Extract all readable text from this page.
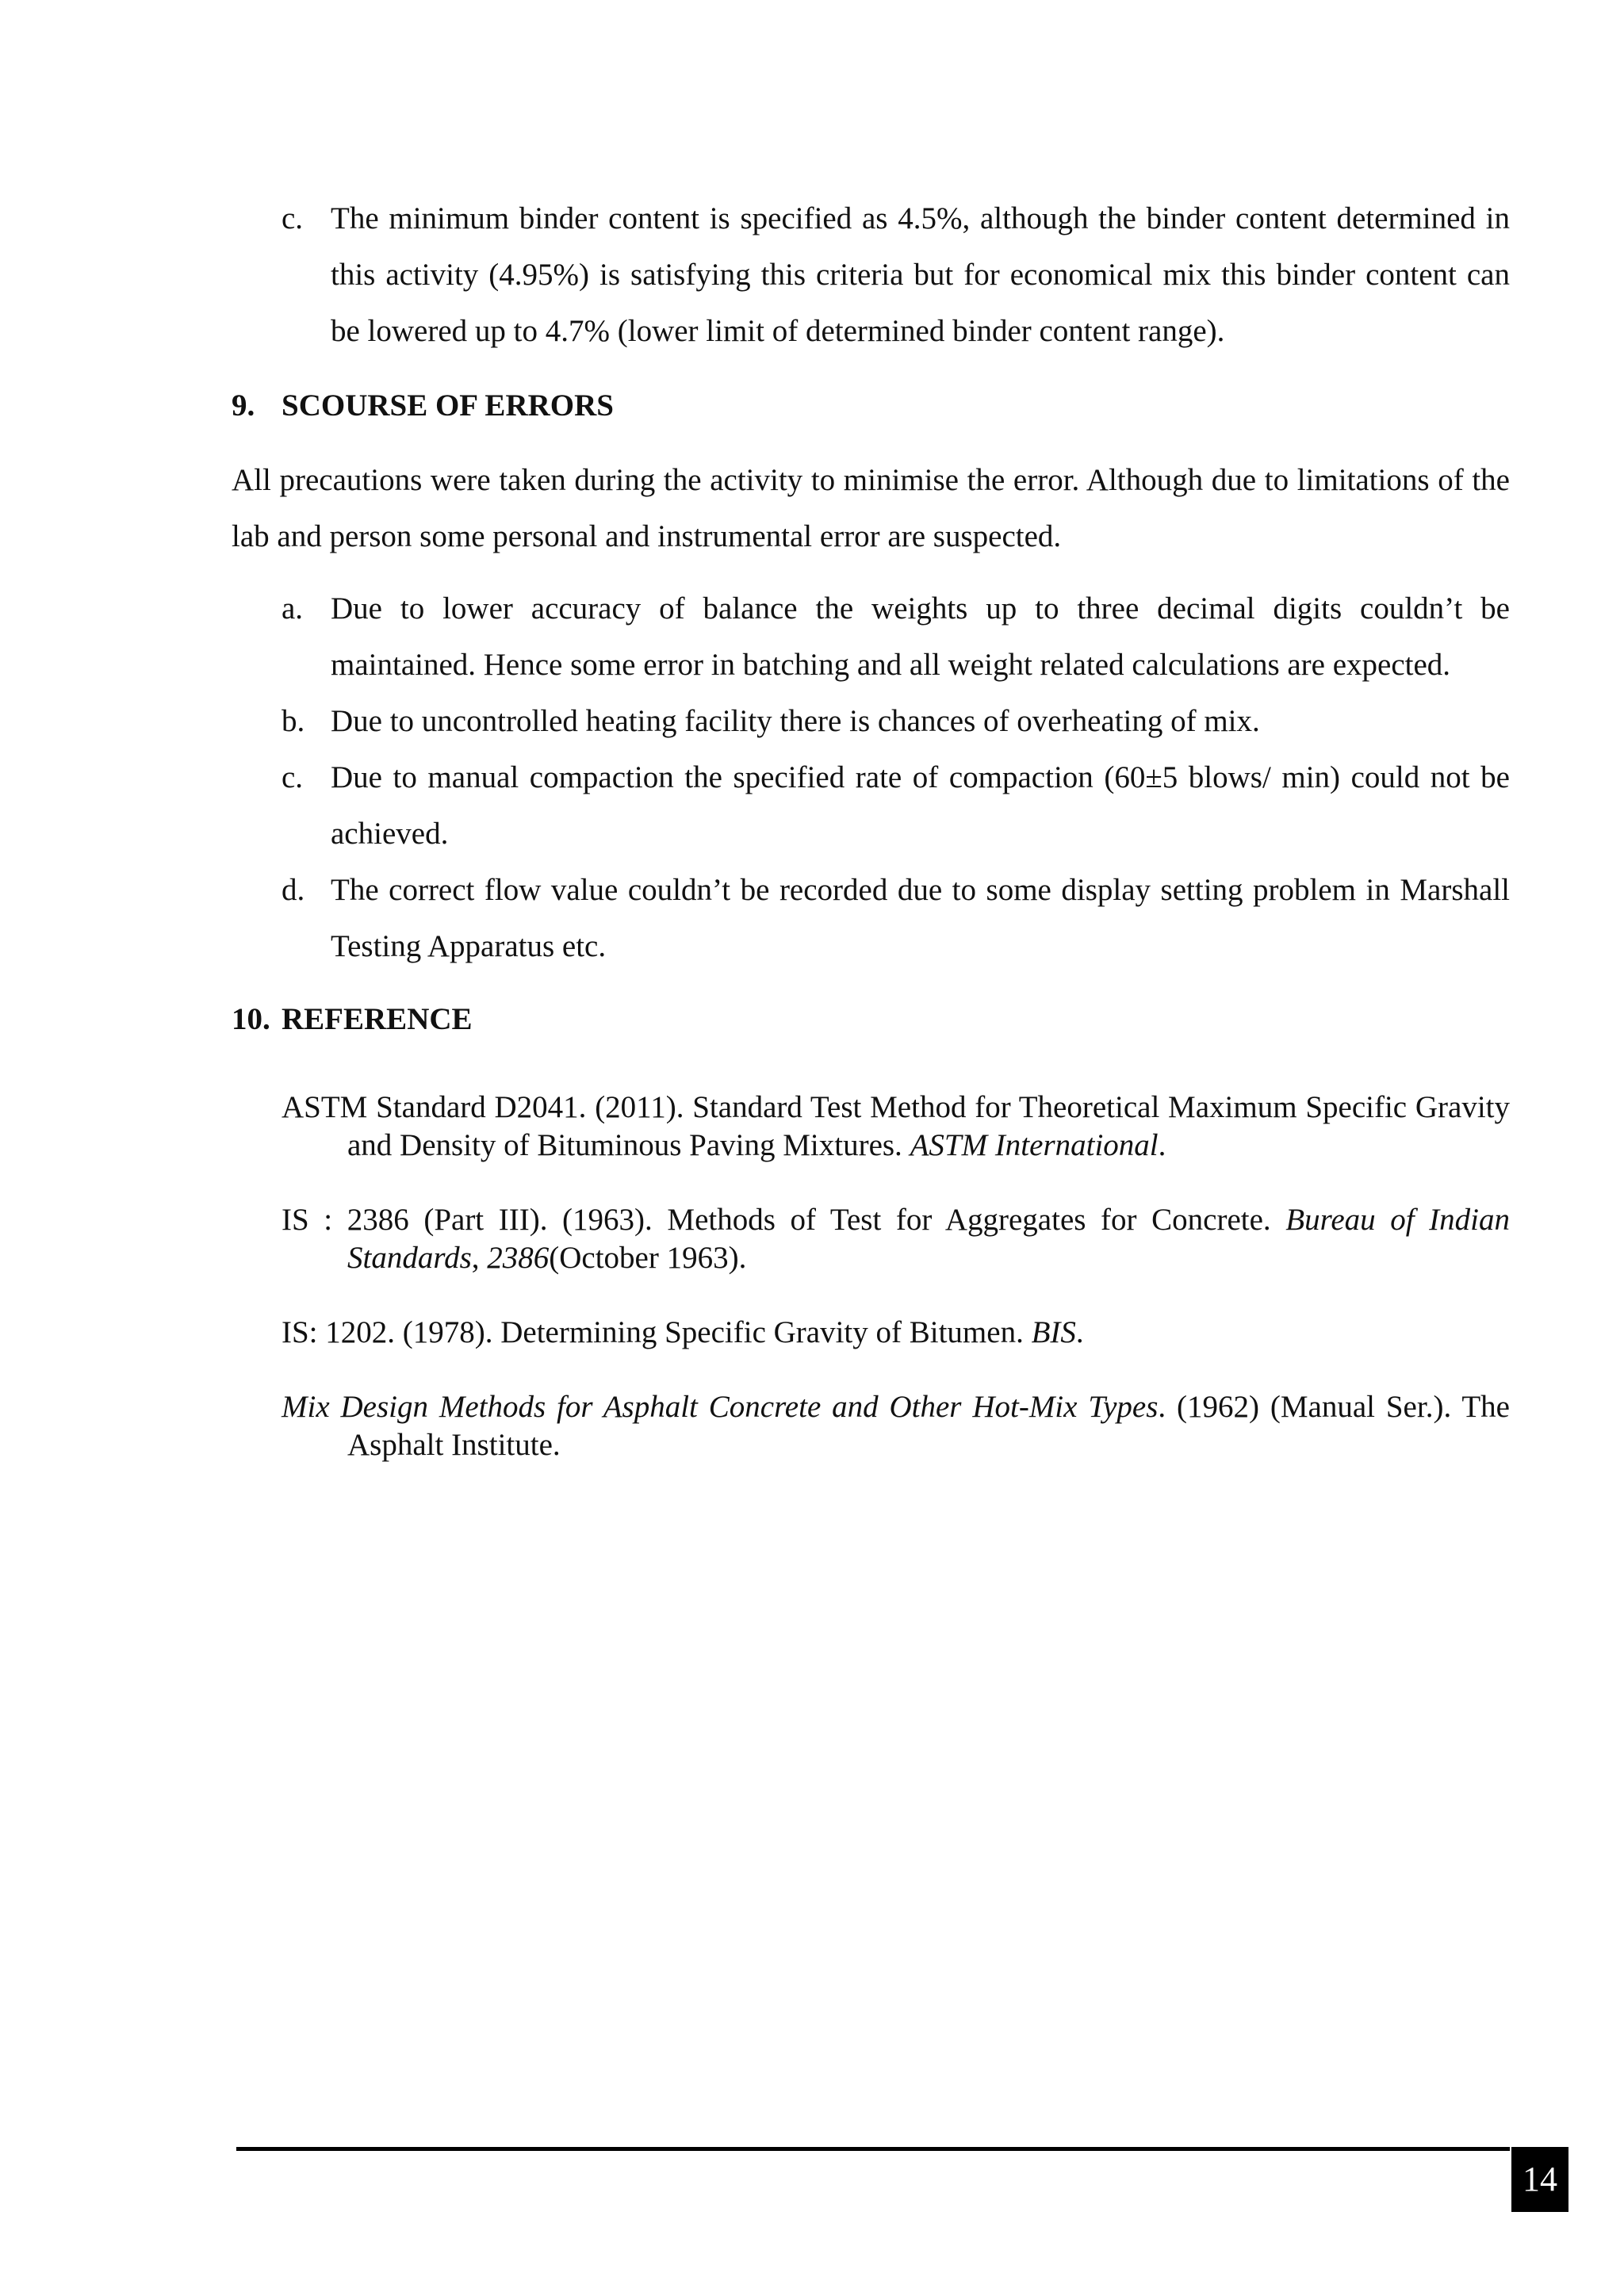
c. The minimum binder content is specified as 4.5%, although the binder content determined in this activity (4.95%) is satisfying this criteria but for economical mix this binder content can be lowered up to 4.7% (lower limit of determined binder content range).
9. SCOURSE OF ERRORS
All precautions were taken during the activity to minimise the error. Although due to limitations of the lab and person some personal and instrumental error are suspected.
a. Due to lower accuracy of balance the weights up to three decimal digits couldn’t be maintained. Hence some error in batching and all weight related calculations are expected.
b. Due to uncontrolled heating facility there is chances of overheating of mix.
c. Due to manual compaction the specified rate of compaction (60±5 blows/ min) could not be achieved.
d. The correct flow value couldn’t be recorded due to some display setting problem in Marshall Testing Apparatus etc.
10. REFERENCE
ASTM Standard D2041. (2011). Standard Test Method for Theoretical Maximum Specific Gravity and Density of Bituminous Paving Mixtures. ASTM International.
IS : 2386 (Part III). (1963). Methods of Test for Aggregates for Concrete. Bureau of Indian Standards, 2386(October 1963).
IS: 1202. (1978). Determining Specific Gravity of Bitumen. BIS.
Mix Design Methods for Asphalt Concrete and Other Hot-Mix Types. (1962) (Manual Ser.). The Asphalt Institute.
14
